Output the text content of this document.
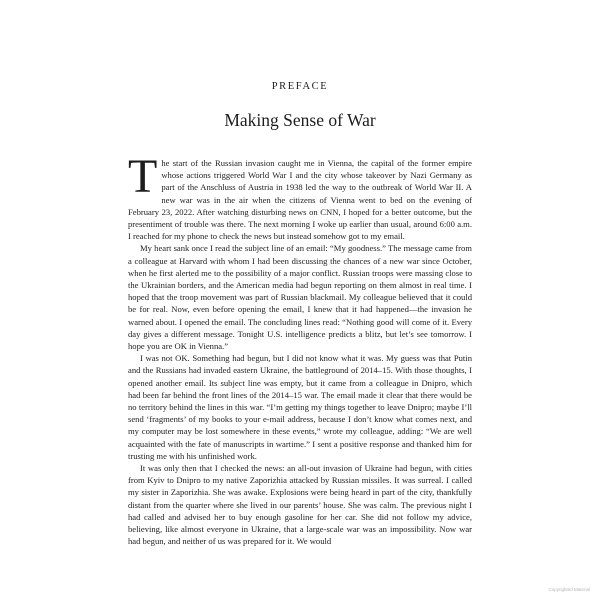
PREFACE
Making Sense of War

The start of the Russian invasion caught me in Vienna, the capital of the former empire whose actions triggered World War I and the city whose takeover by Nazi Germany as part of the Anschluss of Austria in 1938 led the way to the outbreak of World War II. A new war was in the air when the citizens of Vienna went to bed on the evening of February 23, 2022. After watching disturbing news on CNN, I hoped for a better outcome, but the presentiment of trouble was there. The next morning I woke up earlier than usual, around 6:00 a.m. I reached for my phone to check the news but instead somehow got to my email.

My heart sank once I read the subject line of an email: “My goodness.” The message came from a colleague at Harvard with whom I had been discussing the chances of a new war since October, when he first alerted me to the possibility of a major conflict. Russian troops were massing close to the Ukrainian borders, and the American media had begun reporting on them almost in real time. I hoped that the troop movement was part of Russian blackmail. My colleague believed that it could be for real. Now, even before opening the email, I knew that it had happened—the invasion he warned about. I opened the email. The concluding lines read: “Nothing good will come of it. Every day gives a different message. Tonight U.S. intelligence predicts a blitz, but let’s see tomorrow. I hope you are OK in Vienna.”

I was not OK. Something had begun, but I did not know what it was. My guess was that Putin and the Russians had invaded eastern Ukraine, the battleground of 2014–15. With those thoughts, I opened another email. Its subject line was empty, but it came from a colleague in Dnipro, which had been far behind the front lines of the 2014–15 war. The email made it clear that there would be no territory behind the lines in this war. “I’m getting my things together to leave Dnipro; maybe I’ll send ‘fragments’ of my books to your e-mail address, because I don’t know what comes next, and my computer may be lost somewhere in these events,” wrote my colleague, adding: “We are well acquainted with the fate of manuscripts in wartime.” I sent a positive response and thanked him for trusting me with his unfinished work.

It was only then that I checked the news: an all-out invasion of Ukraine had begun, with cities from Kyiv to Dnipro to my native Zaporizhia attacked by Russian missiles. It was surreal. I called my sister in Zaporizhia. She was awake. Explosions were being heard in part of the city, thankfully distant from the quarter where she lived in our parents’ house. She was calm. The previous night I had called and advised her to buy enough gasoline for her car. She did not follow my advice, believing, like almost everyone in Ukraine, that a large-scale war was an impossibility. Now war had begun, and neither of us was prepared for it. We would

Copyrighted Material
